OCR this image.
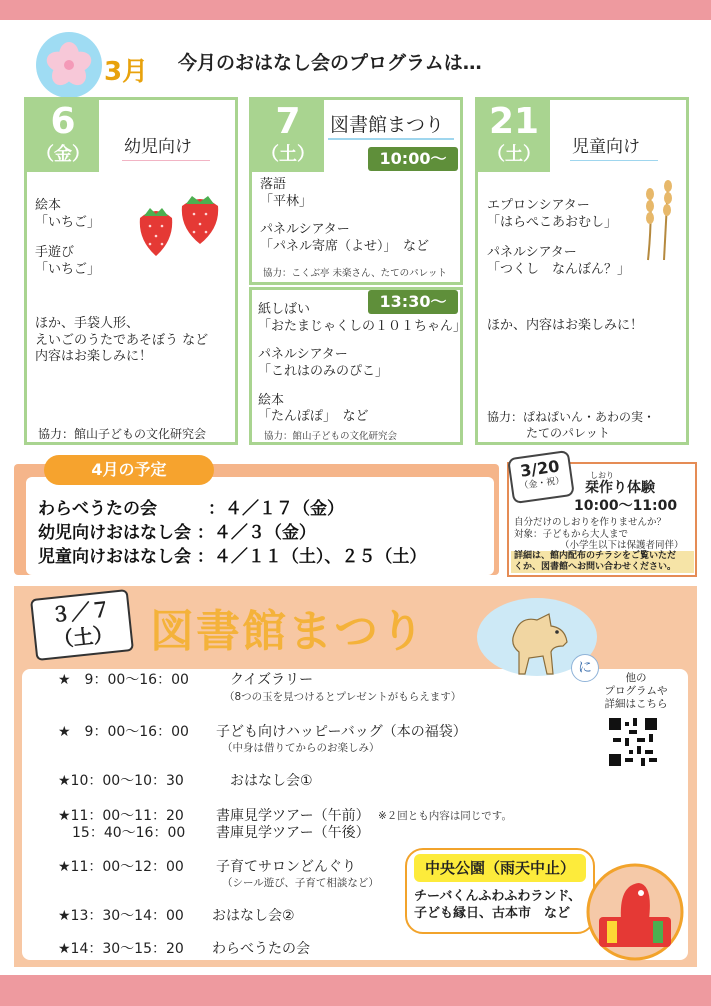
3月 今月のおはなし会のプログラムは…
6
（金）	幼児向け
絵本
「いちご」
手遊び
「いちご」
ほか、手袋人形、
えいごのうたであそぼう など
内容はお楽しみに！
協力：館山子どもの文化研究会
7
（土）
図書館まつり
10:00〜
落語
「平林」
パネルシアター
「パネル寄席（よせ）」　など
協力：こくぶ亭 未楽さん、たてのパレット
13:30〜
紙しばい
「おたまじゃくしの１０１ちゃん」
パネルシアター
「これはのみのぴこ」
絵本
「たんぽぽ」　など
協力：館山子どもの文化研究会
21
（土）	児童向け
エプロンシアター
「はらぺこあおむし」
パネルシアター
「つくし　なんぼん？」
ほか、内容はお楽しみに！
協力：ぱねぱいん・あわの実・
たてのパレット
4月の予定
わらべうたの会　　　：４／１７（金）
幼児向けおはなし会 ：４／３（金）
児童向けおはなし会 ：４／１１（土）、２５（土）
3/20
（金・祝）
しおり
栞作り体験
10:00〜11:00
自分だけのしおりを作りませんか？
対象：子どもから大人まで
（小学生以下は保護者同伴）
詳細は、館内配布のチラシをご覧いただ
くか、図書館へお問い合わせください。
３／７
（土） 図書館まつり
に
他の
プログラムや
詳細はこちら
★　9：00〜16：00	クイズラリー
（8つの玉を見つけるとプレゼントがもらえます）
★　9：00〜16：00 子ども向けハッピーバッグ（本の福袋）
（中身は借りてからのお楽しみ）
★10：00〜10：30	おはなし会①
★11：00〜11：20 書庫見学ツアー（午前） ※２回とも内容は同じです。
　15：40〜16：00 書庫見学ツアー（午後）
★11：00〜12：00 子育てサロンどんぐり
（シール遊び、子育て相談など）
★13：30〜14：00 おはなし会②
★14：30〜15：20 わらべうたの会
中央公園（雨天中止）
チーバくんふわふわランド、
子ども縁日、古本市　など
